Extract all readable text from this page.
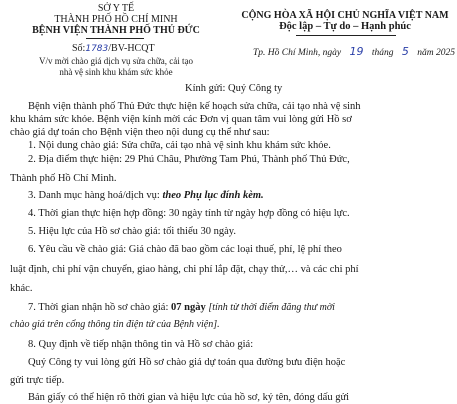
SỞ Y TẾ
THÀNH PHỐ HỒ CHÍ MINH
BỆNH VIỆN THÀNH PHỐ THỦ ĐỨC
Số:1783/BV-HCQT
V/v mời chào giá dịch vụ sửa chữa, cải tạo
nhà vệ sinh khu khám sức khỏe
CỘNG HÒA XÃ HỘI CHỦ NGHĨA VIỆT NAM
Độc lập – Tự do – Hạnh phúc
Tp. Hồ Chí Minh, ngày 19 tháng 5 năm 2025
Kính gửi: Quý Công ty
Bệnh viện thành phố Thủ Đức thực hiện kế hoạch sửa chữa, cải tạo nhà vệ sinh
khu khám sức khỏe. Bệnh viện kính mời các Đơn vị quan tâm vui lòng gửi Hồ sơ
chào giá dự toán cho Bệnh viện theo nội dung cụ thể như sau:
1. Nội dung chào giá: Sửa chữa, cải tạo nhà vệ sinh khu khám sức khỏe.
2. Địa điểm thực hiện: 29 Phú Châu, Phường Tam Phú, Thành phố Thủ Đức,
Thành phố Hồ Chí Minh.
3. Danh mục hàng hoá/dịch vụ: theo Phụ lục đính kèm.
4. Thời gian thực hiện hợp đồng: 30 ngày tính từ ngày hợp đồng có hiệu lực.
5. Hiệu lực của Hồ sơ chào giá: tối thiểu 30 ngày.
6. Yêu cầu về chào giá: Giá chào đã bao gồm các loại thuế, phí, lệ phí theo
luật định, chi phí vận chuyển, giao hàng, chi phí lắp đặt, chạy thử,… và các chi phí
khác.
7. Thời gian nhận hồ sơ chào giá: 07 ngày [tính từ thời điểm đăng thư mời
chào giá trên cổng thông tin điện tử của Bệnh viện].
8. Quy định về tiếp nhận thông tin và Hồ sơ chào giá:
Quý Công ty vui lòng gửi Hồ sơ chào giá dự toán qua đường bưu điện hoặc
gửi trực tiếp.
Bản giấy có thể hiện rõ thời gian và hiệu lực của hồ sơ, ký tên, đóng dấu gửi
